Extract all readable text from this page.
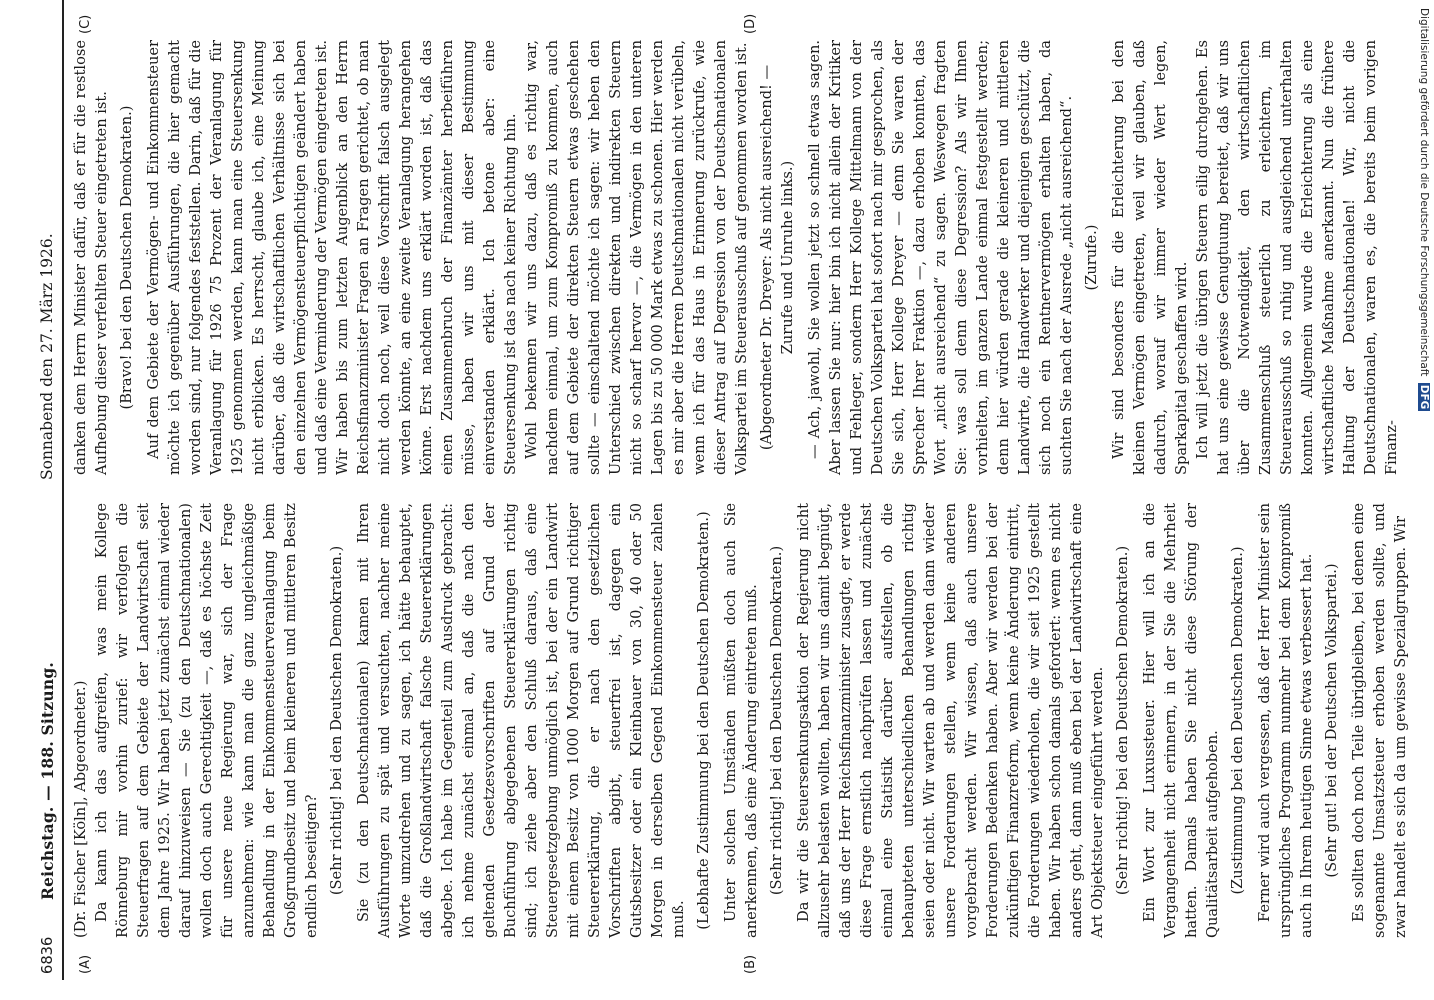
6836
Reichstag. — 188. Sitzung.
Sonnabend den 27. März 1926.
(A)	(B)
(C)	(D)

(Dr. Fischer [Köln], Abgeordneter.) Da kann ich das aufgreifen, was mein Kollege Rönneburg mir vorhin zurief: wir verfolgen die Steuerfragen auf dem Gebiete der Landwirtschaft seit dem Jahre 1925. Wir haben jetzt zunächst einmal wieder darauf hinzuweisen — Sie (zu den Deutschnationalen) wollen doch auch Gerechtigkeit —, daß es höchste Zeit für unsere neue Regierung war, sich der Frage anzunehmen: wie kann man die ganz ungleichmäßige Behandlung in der Einkommensteuerveranlagung beim Großgrundbesitz und beim kleineren und mittleren Besitz endlich beseitigen? (Sehr richtig! bei den Deutschen Demokraten.) Sie (zu den Deutschnationalen) kamen mit Ihren Ausführungen zu spät und versuchten, nachher meine Worte umzudrehen und zu sagen, ich hätte behauptet, daß die Großlandwirtschaft falsche Steuererklärungen abgebe. Ich habe im Gegenteil zum Ausdruck gebracht: ich nehme zunächst einmal an, daß die nach den geltenden Gesetzesvorschriften auf Grund der Buchführung abgegebenen Steuererklärungen richtig sind; ich ziehe aber den Schluß daraus, daß eine Steuergesetzgebung unmöglich ist, bei der ein Landwirt mit einem Besitz von 1000 Morgen auf Grund richtiger Steuererklärung, die er nach den gesetzlichen Vorschriften abgibt, steuerfrei ist, dagegen ein Gutsbesitzer oder ein Kleinbauer von 30, 40 oder 50 Morgen in derselben Gegend Einkommensteuer zahlen muß. (Lebhafte Zustimmung bei den Deutschen Demokraten.) Unter solchen Umständen müßten doch auch Sie anerkennen, daß eine Änderung eintreten muß. (Sehr richtig! bei den Deutschen Demokraten.) Da wir die Steuersenkungsaktion der Regierung nicht allzusehr belasten wollten, haben wir uns damit begnügt, daß uns der Herr Reichsfinanzminister zusagte, er werde diese Frage ernstlich nachprüfen lassen und zunächst einmal eine Statistik darüber aufstellen, ob die behaupteten unterschiedlichen Behandlungen richtig seien oder nicht. Wir warten ab und werden dann wieder unsere Forderungen stellen, wenn keine anderen vorgebracht werden. Wir wissen, daß auch unsere Forderungen Bedenken haben. Aber wir werden bei der zukünftigen Finanzreform, wenn keine Änderung eintritt, die Forderungen wiederholen, die wir seit 1925 gestellt haben. Wir haben schon damals gefordert: wenn es nicht anders geht, dann muß eben bei der Landwirtschaft eine Art Objektsteuer eingeführt werden. (Sehr richtig! bei den Deutschen Demokraten.) Ein Wort zur Luxussteuer. Hier will ich an die Vergangenheit nicht erinnern, in der Sie die Mehrheit hatten. Damals haben Sie nicht diese Störung der Qualitätsarbeit aufgehoben. (Zustimmung bei den Deutschen Demokraten.) Ferner wird auch vergessen, daß der Herr Minister sein ursprüngliches Programm nunmehr bei dem Kompromiß auch in Ihrem heutigen Sinne etwas verbessert hat. (Sehr gut! bei der Deutschen Volkspartei.) Es sollten doch noch Teile übrigbleiben, bei denen eine sogenannte Umsatzsteuer erhoben werden sollte, und zwar handelt es sich da um gewisse Spezialgruppen. Wir

danken dem Herrn Minister dafür, daß er für die restlose Aufhebung dieser verfehlten Steuer eingetreten ist. (Bravo! bei den Deutschen Demokraten.) Auf dem Gebiete der Vermögen- und Einkommensteuer möchte ich gegenüber Ausführungen, die hier gemacht worden sind, nur folgendes feststellen. Darin, daß für die Veranlagung für 1926 75 Prozent der Veranlagung für 1925 genommen werden, kann man eine Steuersenkung nicht erblicken. Es herrscht, glaube ich, eine Meinung darüber, daß die wirtschaftlichen Verhältnisse sich bei den einzelnen Vermögensteuerpflichtigen geändert haben und daß eine Verminderung der Vermögen eingetreten ist. Wir haben bis zum letzten Augenblick an den Herrn Reichsfinanzminister Fragen an Fragen gerichtet, ob man nicht doch noch, weil diese Vorschrift falsch ausgelegt werden könnte, an eine zweite Veranlagung herangehen könne. Erst nachdem uns erklärt worden ist, daß das einen Zusammenbruch der Finanzämter herbeiführen müsse, haben wir uns mit dieser Bestimmung einverstanden erklärt. Ich betone aber: eine Steuersenkung ist das nach keiner Richtung hin. Wohl bekennen wir uns dazu, daß es richtig war, nachdem einmal, um zum Kompromiß zu kommen, auch auf dem Gebiete der direkten Steuern etwas geschehen sollte — einschaltend möchte ich sagen: wir heben den Unterschied zwischen direkten und indirekten Steuern nicht so scharf hervor —, die Vermögen in den unteren Lagen bis zu 50 000 Mark etwas zu schonen. Hier werden es mir aber die Herren Deutschnationalen nicht verübeln, wenn ich für das Haus in Erinnerung zurückrufe, wie dieser Antrag auf Degression von der Deutschnationalen Volkspartei im Steuerausschuß auf genommen worden ist. (Abgeordneter Dr. Dreyer: Als nicht ausreichend! — Zurufe und Unruhe links.) — Ach, jawohl, Sie wollen jetzt so schnell etwas sagen. Aber lassen Sie nur: hier bin ich nicht allein der Kritiker und Fehleger, sondern Herr Kollege Mittelmann von der Deutschen Volkspartei hat sofort nach mir gesprochen, als Sie sich, Herr Kollege Dreyer — denn Sie waren der Sprecher Ihrer Fraktion —, dazu erhoben konnten, das Wort „nicht ausreichend“ zu sagen. Weswegen fragten Sie: was soll denn diese Degression? Als wir Ihnen vorhielten, im ganzen Lande einmal festgestellt werden; denn hier würden gerade die kleineren und mittleren Landwirte, die Handwerker und diejenigen geschützt, die sich noch ein Rentnervermögen erhalten haben, da suchten Sie nach der Ausrede „nicht ausreichend“. (Zurufe.) Wir sind besonders für die Erleichterung bei den kleinen Vermögen eingetreten, weil wir glauben, daß dadurch, worauf wir immer wieder Wert legen, Sparkapital geschaffen wird. Ich will jetzt die übrigen Steuern eilig durchgehen. Es hat uns eine gewisse Genugtuung bereitet, daß wir uns über die Notwendigkeit, den wirtschaftlichen Zusammenschluß steuerlich zu erleichtern, im Steuerausschuß so ruhig und ausgleichend unterhalten konnten. Allgemein wurde die Erleichterung als eine wirtschaftliche Maßnahme anerkannt. Nun die frühere Haltung der Deutschnationalen! Wir, nicht die Deutschnationalen, waren es, die bereits beim vorigen Finanz-

Digitalisierung gefördert durch die Deutsche Forschungsgemeinschaft DFG
